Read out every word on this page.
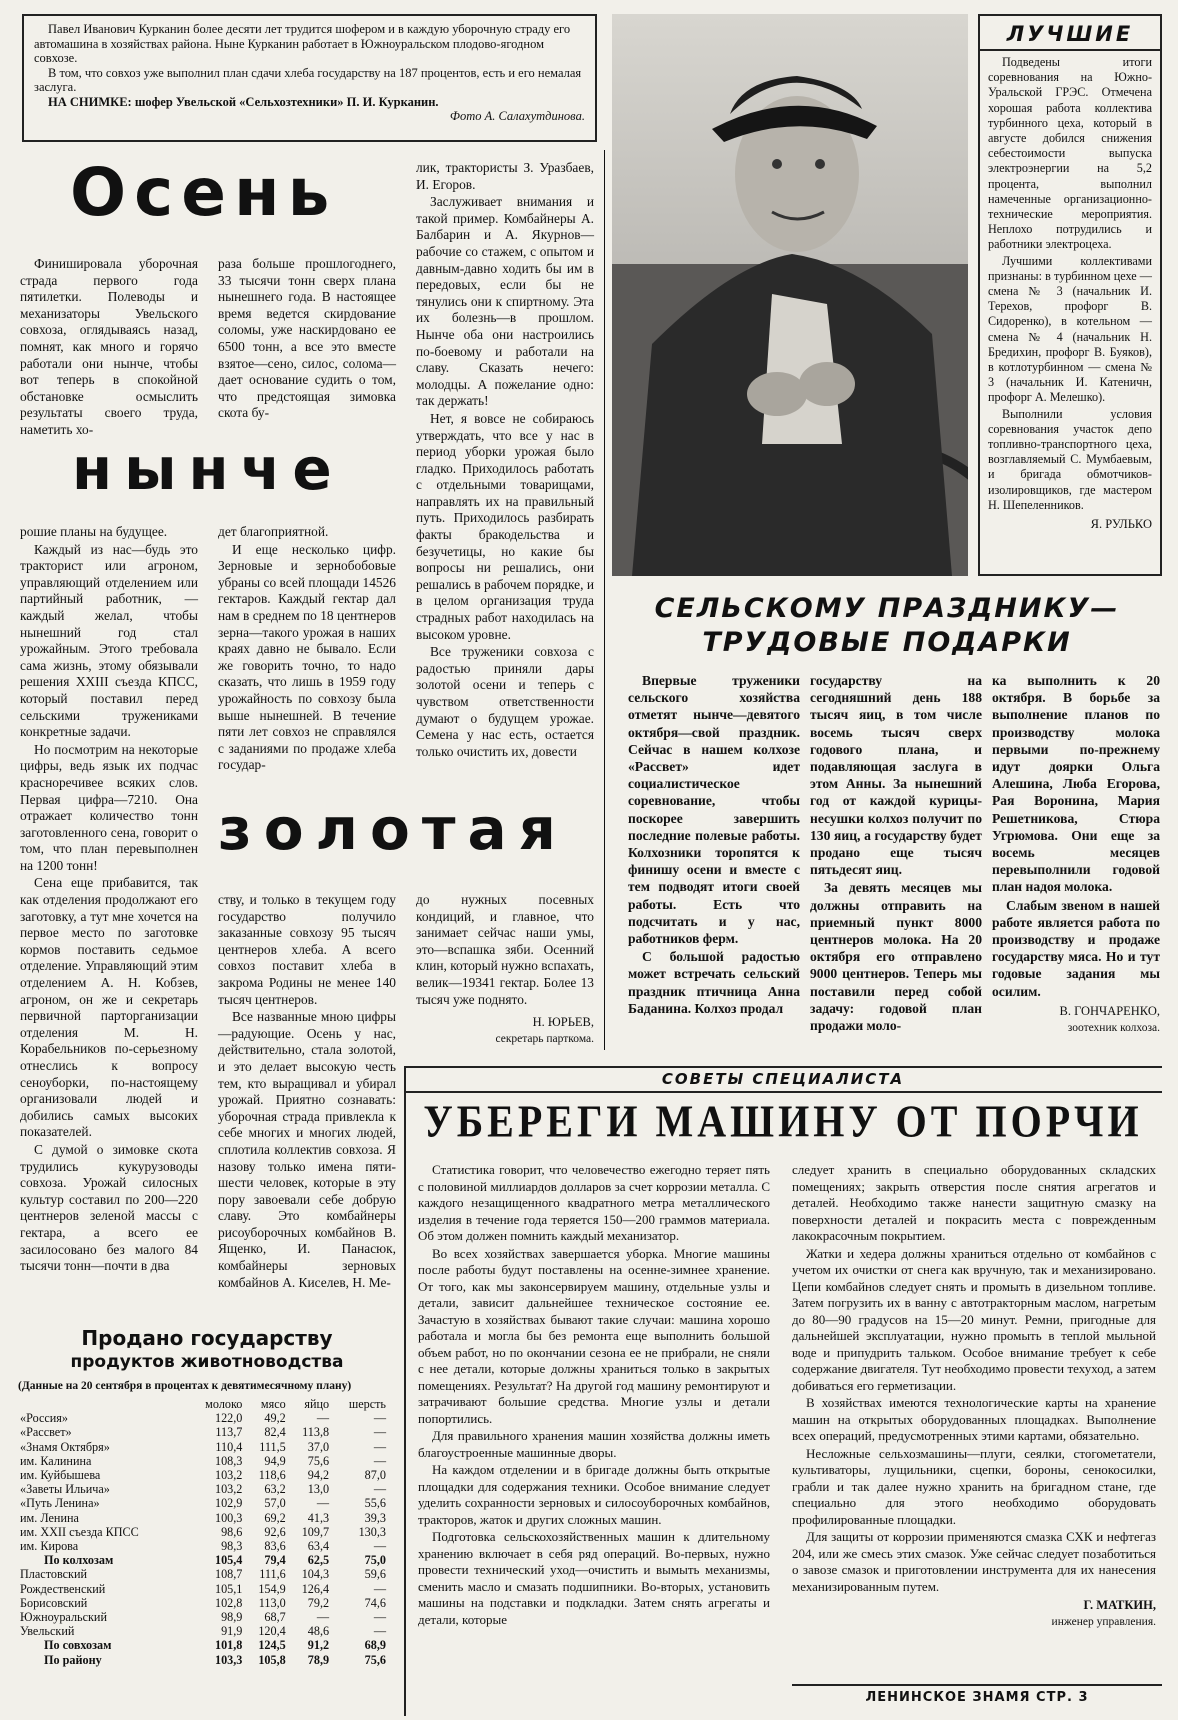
Павел Иванович Курканин более десяти лет трудится шофером и в каждую уборочную страду его автомашина в хозяйствах района. Ныне Курканин работает в Южноуральском плодово-ягодном совхозе.

В том, что совхоз уже выполнил план сдачи хлеба государству на 187 процентов, есть и его немалая заслуга.

НА СНИМКЕ: шофер Увельской «Сельхозтехники» П. И. Курканин.

Фото А. Салахутдиновa.

ЛУЧШИЕ

Подведены итоги соревнования на Южно-Уральской ГРЭС. Отмечена хорошая работа коллектива турбинного цеха, который в августе добился снижения себестоимости выпуска электроэнергии на 5,2 процента, выполнил намеченные организационно-технические мероприятия. Неплохо потрудились и работники электроцеха.

Лучшими коллективами признаны: в турбинном цехе — смена № 3 (начальник И. Терехов, профорг В. Сидоренко), в котельном — смена № 4 (начальник Н. Бредихин, профорг В. Буяков), в котлотурбинном — смена № 3 (начальник И. Катеничн, профорг А. Мелешко).

Выполнили условия соревнования участок депо топливно-транспортного цеха, возглавляемый С. Мумбаевым, и бригада обмотчиков-изолировщиков, где мастером Н. Шепеленников.

Я. РУЛЬКО
Осень
нынче
золотая

Финишировала уборочная страда первого года пятилетки. Полеводы и механизаторы Увельского совхоза, оглядываясь назад, помнят, как много и горячо работали они нынче, чтобы вот теперь в спокойной обстановке осмыслить результаты своего труда, наметить хо-

раза больше прошлогоднего, 33 тысячи тонн сверх плана нынешнего года. В настоящее время ведется скирдование соломы, уже наскирдовано ее 6500 тонн, а все это вместе взятое—сено, силос, солома—дает основание судить о том, что предстоящая зимовка скота бу-

лик, трактористы З. Уразбаев, И. Егоров.

Заслуживает внимания и такой пример. Комбайнеры А. Балбарин и А. Якурнов—рабочие со стажем, с опытом и давным-давно ходить бы им в передовых, если бы не тянулись они к спиртному. Эта их болезнь—в прошлом. Нынче оба они настроились по-боевому и работали на славу. Сказать нечего: молодцы. А пожелание одно: так держать!

Нет, я вовсе не собираюсь утверждать, что все у нас в период уборки урожая было гладко. Приходилось работать с отдельными товарищами, направлять их на правильный путь. Приходилось разбирать факты бракодельства и безучетицы, но какие бы вопросы ни решались, они решались в рабочем порядке, и в целом организация труда страдных работ находилась на высоком уровне.

Все труженики совхоза с радостью приняли дары золотой осени и теперь с чувством ответственности думают о будущем урожае. Семена у нас есть, остается только очистить их, довести

рошие планы на будущее.

Каждый из нас—будь это тракторист или агроном, управляющий отделением или партийный работник, — каждый желал, чтобы нынешний год стал урожайным. Этого требовала сама жизнь, этому обязывали решения XXIII съезда КПСС, который поставил перед сельскими тружениками конкретные задачи.

Но посмотрим на некоторые цифры, ведь язык их подчас красноречивее всяких слов. Первая цифра—7210. Она отражает количество тонн заготовленного сена, говорит о том, что план перевыполнен на 1200 тонн!

Сена еще прибавится, так как отделения продолжают его заготовку, а тут мне хочется на первое место по заготовке кормов поставить седьмое отделение. Управляющий этим отделением А. Н. Кобзев, агроном, он же и секретарь первичной парторганизации отделения М. Н. Корабельников по-серьезному отнеслись к вопросу сеноуборки, по-настоящему организовали людей и добились самых высоких показателей.

С думой о зимовке скота трудились кукурузоводы совхоза. Урожай силосных культур составил по 200—220 центнеров зеленой массы с гектара, а всего ее заcилосовано без малого 84 тысячи тонн—почти в два

дет благоприятной.

И еще несколько цифр. Зерновые и зернобобовые убраны со всей площади 14526 гектаров. Каждый гектар дал нам в среднем по 18 центнеров зерна—такого урожая в наших краях давно не бывало. Если же говорить точно, то надо сказать, что лишь в 1959 году урожайность по совхозу была выше нынешней. В течение пяти лет совхоз не справлялся с заданиями по продаже хлеба государ-

ству, и только в текущем году государство получило заказанные совхозу 95 тысяч центнеров хлеба. А всего совхоз поставит хлеба в закрома Родины не менее 140 тысяч центнеров.

Все названные мною цифры—радующие. Осень у нас, действительно, стала золотой, и это делает высокую честь тем, кто выращивал и убирал урожай. Приятно сознавать: уборочная страда привлекла к себе многих и многих людей, сплотила коллектив совхоза. Я назову только имена пяти-шести человек, которые в эту пору завоевали себе добрую славу. Это комбайнеры рисоуборочных комбайнов В. Ященко, И. Панасюк, комбайнеры зерновых комбайнов А. Киселев, Н. Ме-

до нужных посевных кондиций, и главное, что занимает сейчас наши умы, это—вспашка зяби. Осенний клин, который нужно вспахать, велик—19341 гектар. Более 13 тысяч уже поднято.

Н. ЮРЬЕВ,
секретарь парткома.
Продано государству
продуктов животноводства
(Данные на 20 сентября в процентах к девятимесячному плану)
	молоко	мясо	яйцо	шерсть
«Россия»	122,0	49,2	—	—
«Рассвет»	113,7	82,4	113,8	—
«Знамя Октября»	110,4	111,5	37,0	—
им. Калинина	108,3	94,9	75,6	—
им. Куйбышева	103,2	118,6	94,2	87,0
«Заветы Ильича»	103,2	63,2	13,0	—
«Путь Ленина»	102,9	57,0	—	55,6
им. Ленина	100,3	69,2	41,3	39,3
им. XXII съезда КПСС	98,6	92,6	109,7	130,3
им. Кирова	98,3	83,6	63,4	—
По колхозам	105,4	79,4	62,5	75,0
Пластовский	108,7	111,6	104,3	59,6
Рождественский	105,1	154,9	126,4	—
Борисовский	102,8	113,0	79,2	74,6
Южноуральский	98,9	68,7	—	—
Увельский	91,9	120,4	48,6	—
По совхозам	101,8	124,5	91,2	68,9
По району	103,3	105,8	78,9	75,6
СЕЛЬСКОМУ ПРАЗДНИКУ—
ТРУДОВЫЕ ПОДАРКИ

Впервые труженики сельского хозяйства отметят нынче—девятого октября—свой праздник. Сейчас в нашем колхозе «Рассвет» идет социалистическое соревнование, чтобы поскорее завершить последние полевые работы. Колхозники торопятся к финишу осени и вместе с тем подводят итоги своей работы. Есть что подсчитать и у нас, работников ферм.

С большой радостью может встречать сельский праздник птичница Анна Баданина. Колхоз продал

государству на сегодняшний день 188 тысяч яиц, в том числе восемь тысяч сверх годового плана, и подавляющая заслуга в этом Анны. За нынешний год от каждой курицы-несушки колхоз получит по 130 яиц, а государству будет продано еще тысяч пятьдесят яиц.

За девять месяцев мы должны отправить на приемный пункт 8000 центнеров молока. На 20 октября его отправлено 9000 центнеров. Теперь мы поставили перед собой задачу: годовой план продажи моло-

ка выполнить к 20 октября. В борьбе за выполнение планов по производству молока первыми по-прежнему идут доярки Ольга Алешина, Люба Егорова, Рая Воронина, Мария Решетникова, Стюра Угрюмова. Они еще за восемь месяцев перевыполнили годовой план надоя молока.

Слабым звеном в нашей работе является работа по производству и продаже государству мяса. Но и тут годовые задания мы осилим.

В. ГОНЧАРЕНКО,
зоотехник колхоза.
СОВЕТЫ СПЕЦИАЛИСТА
УБЕРЕГИ МАШИНУ ОТ ПОРЧИ

Статистика говорит, что человечество ежегодно теряет пять с половиной миллиардов долларов за счет коррозии металла. С каждого незащищенного квадратного метра металлического изделия в течение года теряется 150—200 граммов материала. Об этом должен помнить каждый механизатор.

Во всех хозяйствах завершается уборка. Многие машины после работы будут поставлены на осенне-зимнее хранение. От того, как мы законсервируем машину, отдельные узлы и детали, зависит дальнейшее техническое состояние ее. Зачастую в хозяйствах бывают такие случаи: машина хорошо работала и могла бы без ремонта еще выполнить большой объем работ, но по окончании сезона ее не прибрали, не сняли с нее детали, которые должны храниться только в закрытых помещениях. Результат? На другой год машину ремонтируют и затрачивают большие средства. Многие узлы и детали попортились.

Для правильного хранения машин хозяйства должны иметь благоустроенные машинные дворы.

На каждом отделении и в бригаде должны быть открытые площадки для содержания техники. Особое внимание следует уделить сохранности зерновых и силосоуборочных комбайнов, тракторов, жаток и других сложных машин.

Подготовка сельскохозяйственных машин к длительному хранению включает в себя ряд операций. Во-первых, нужно провести технический уход—очистить и вымыть механизмы, сменить масло и смазать подшипники. Во-вторых, установить машины на подставки и подкладки. Затем снять агрегаты и детали, которые

следует хранить в специально оборудованных складских помещениях; закрыть отверстия после снятия агрегатов и деталей. Необходимо также нанести защитную смазку на поверхности деталей и покрасить места с поврежденным лакокрасочным покрытием.

Жатки и хедера должны храниться отдельно от комбайнов с учетом их очистки от снега как вручную, так и механизировано. Цепи комбайнов следует снять и промыть в дизельном топливе. Затем погрузить их в ванну с автотракторным маслом, нагретым до 80—90 градусов на 15—20 минут. Ремни, пригодные для дальнейшей эксплуатации, нужно промыть в теплой мыльной воде и припудрить тальком. Особое внимание требует к себе содержание двигателя. Тут необходимо провести техуход, а затем добиваться его герметизации.

В хозяйствах имеются технологические карты на хранение машин на открытых оборудованных площадках. Выполнение всех операций, предусмотренных этими картами, обязательно.

Несложные сельхозмашины—плуги, сеялки, стогометатели, культиваторы, лущильники, сцепки, бороны, сенокосилки, грабли и так далее нужно хранить на бригадном стане, где специально для этого необходимо оборудовать профилированные площадки.

Для защиты от коррозии применяются смазка СХК и нефтегаз 204, или же смесь этих смазок. Уже сейчас следует позаботиться о завозе смазок и приготовлении инструмента для их нанесения механизированным путем.

Г. МАТКИН,
инженер управления.
ЛЕНИНСКОЕ ЗНАМЯ СТР. 3
